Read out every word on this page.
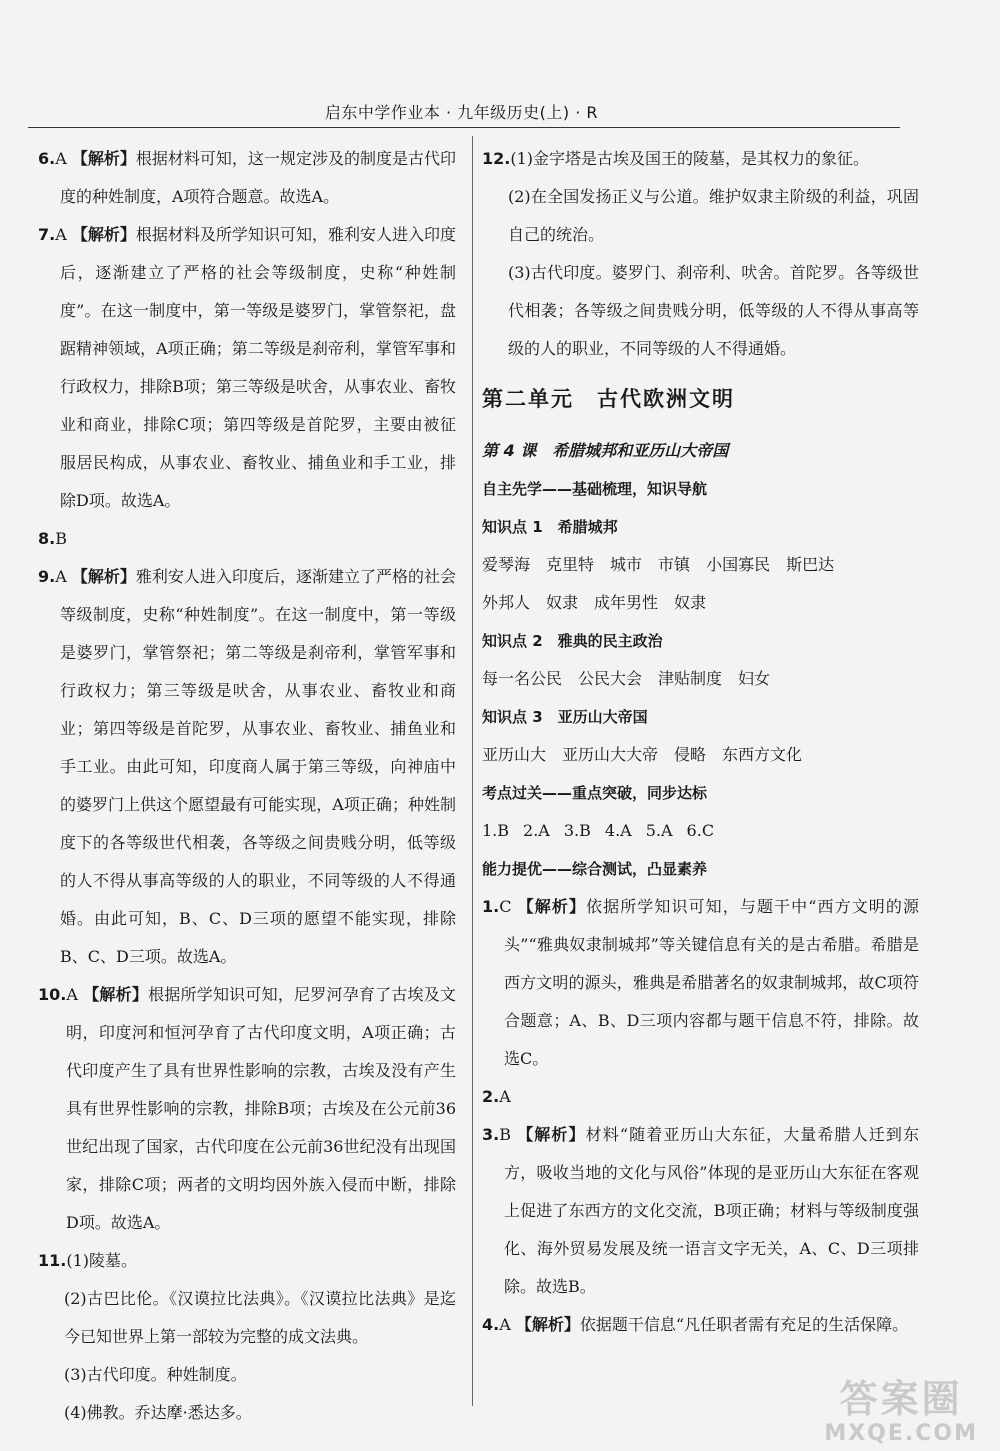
启东中学作业本 · 九年级历史(上) · R

6.A 【解析】根据材料可知，这一规定涉及的制度是古代印度的种姓制度，A项符合题意。故选A。

7.A 【解析】根据材料及所学知识可知，雅利安人进入印度后，逐渐建立了严格的社会等级制度，史称“种姓制度”。在这一制度中，第一等级是婆罗门，掌管祭祀，盘踞精神领域，A项正确；第二等级是刹帝利，掌管军事和行政权力，排除B项；第三等级是吠舍，从事农业、畜牧业和商业，排除C项；第四等级是首陀罗，主要由被征服居民构成，从事农业、畜牧业、捕鱼业和手工业，排除D项。故选A。

8.B

9.A 【解析】雅利安人进入印度后，逐渐建立了严格的社会等级制度，史称“种姓制度”。在这一制度中，第一等级是婆罗门，掌管祭祀；第二等级是刹帝利，掌管军事和行政权力；第三等级是吠舍，从事农业、畜牧业和商业；第四等级是首陀罗，从事农业、畜牧业、捕鱼业和手工业。由此可知，印度商人属于第三等级，向神庙中的婆罗门上供这个愿望最有可能实现，A项正确；种姓制度下的各等级世代相袭，各等级之间贵贱分明，低等级的人不得从事高等级的人的职业，不同等级的人不得通婚。由此可知，B、C、D三项的愿望不能实现，排除B、C、D三项。故选A。

10.A 【解析】根据所学知识可知，尼罗河孕育了古埃及文明，印度河和恒河孕育了古代印度文明，A项正确；古代印度产生了具有世界性影响的宗教，古埃及没有产生具有世界性影响的宗教，排除B项；古埃及在公元前36世纪出现了国家，古代印度在公元前36世纪没有出现国家，排除C项；两者的文明均因外族入侵而中断，排除D项。故选A。

11.(1)陵墓。

(2)古巴比伦。《汉谟拉比法典》。《汉谟拉比法典》是迄今已知世界上第一部较为完整的成文法典。

(3)古代印度。种姓制度。

(4)佛教。乔达摩·悉达多。

12.(1)金字塔是古埃及国王的陵墓，是其权力的象征。

(2)在全国发扬正义与公道。维护奴隶主阶级的利益，巩固自己的统治。

(3)古代印度。婆罗门、刹帝利、吠舍。首陀罗。各等级世代相袭；各等级之间贵贱分明，低等级的人不得从事高等级的人的职业，不同等级的人不得通婚。

第二单元　古代欧洲文明
第 4 课　希腊城邦和亚历山大帝国
自主先学——基础梳理，知识导航
知识点 1　希腊城邦
爱琴海 克里特 城市 市镇 小国寡民 斯巴达
外邦人 奴隶 成年男性 奴隶
知识点 2　雅典的民主政治
每一名公民 公民大会 津贴制度 妇女
知识点 3　亚历山大帝国
亚历山大 亚历山大大帝 侵略 东西方文化
考点过关——重点突破，同步达标
1.B 2.A 3.B 4.A 5.A 6.C
能力提优——综合测试，凸显素养

1.C 【解析】依据所学知识可知，与题干中“西方文明的源头”“雅典奴隶制城邦”等关键信息有关的是古希腊。希腊是西方文明的源头，雅典是希腊著名的奴隶制城邦，故C项符合题意；A、B、D三项内容都与题干信息不符，排除。故选C。

2.A

3.B 【解析】材料“随着亚历山大东征，大量希腊人迁到东方，吸收当地的文化与风俗”体现的是亚历山大东征在客观上促进了东西方的文化交流，B项正确；材料与等级制度强化、海外贸易发展及统一语言文字无关，A、C、D三项排除。故选B。

4.A 【解析】依据题干信息“凡任职者需有充足的生活保障。

答案圈
MXQE.COM
